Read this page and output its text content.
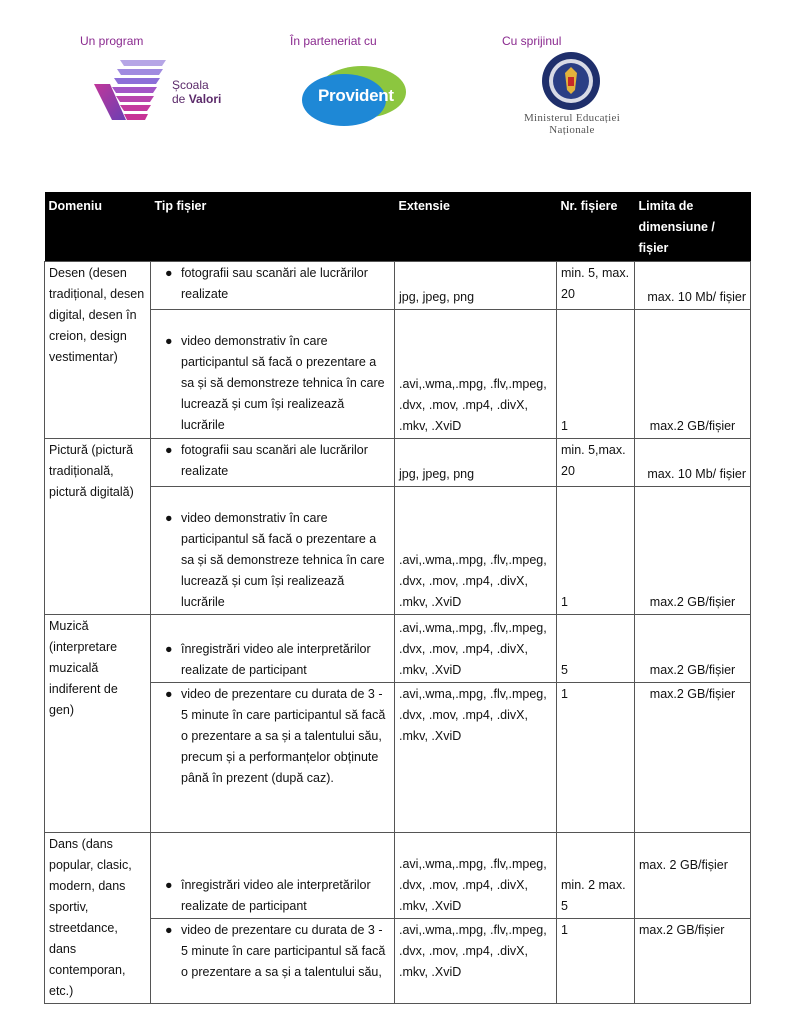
Un program	În parteneriat cu	Cu sprijinul
Școala
de Valori	Provident
Ministerul Educației
Naționale
Domeniu	Tip fișier	Extensie	Nr. fișiere	Limita de dimensiune / fișier
Desen (desen tradițional, desen digital, desen în creion, design vestimentar)	● fotografii sau scanări ale lucrărilor realizate	jpg, jpeg, png	min. 5, max. 20	max. 10 Mb/ fișier

	● video demonstrativ în care participantul să facă o prezentare a sa și să demonstreze tehnica în care lucrează și cum își realizează lucrările	.avi,.wma,.mpg, .flv,.mpeg, .dvx, .mov, .mp4, .divX, .mkv, .XviD	1	max.2 GB/fișier
Pictură (pictură tradițională, pictură digitală)	● fotografii sau scanări ale lucrărilor realizate	jpg, jpeg, png	min. 5,max. 20	max. 10 Mb/ fișier

	● video demonstrativ în care participantul să facă o prezentare a sa și să demonstreze tehnica în care lucrează și cum își realizează lucrările	.avi,.wma,.mpg, .flv,.mpeg, .dvx, .mov, .mp4, .divX, .mkv, .XviD	1	max.2 GB/fișier
Muzică (interpretare muzicală indiferent de gen)	● înregistrări video ale interpretărilor realizate de participant	.avi,.wma,.mpg, .flv,.mpeg, .dvx, .mov, .mp4, .divX, .mkv, .XviD	5	max.2 GB/fișier

	● video de prezentare cu durata de 3 - 5 minute în care participantul să facă o prezentare a sa și a talentului său, precum și a performanțelor obținute până în prezent (după caz).	.avi,.wma,.mpg, .flv,.mpeg, .dvx, .mov, .mp4, .divX, .mkv, .XviD	1	max.2 GB/fișier
Dans (dans popular, clasic, modern, dans sportiv, streetdance, dans contemporan, etc.)	● înregistrări video ale interpretărilor realizate de participant	.avi,.wma,.mpg, .flv,.mpeg, .dvx, .mov, .mp4, .divX, .mkv, .XviD	min. 2 max. 5	max. 2 GB/fișier

	● video de prezentare cu durata de 3 - 5 minute în care participantul să facă o prezentare a sa și a talentului său,	.avi,.wma,.mpg, .flv,.mpeg, .dvx, .mov, .mp4, .divX, .mkv, .XviD	1	max.2 GB/fișier
